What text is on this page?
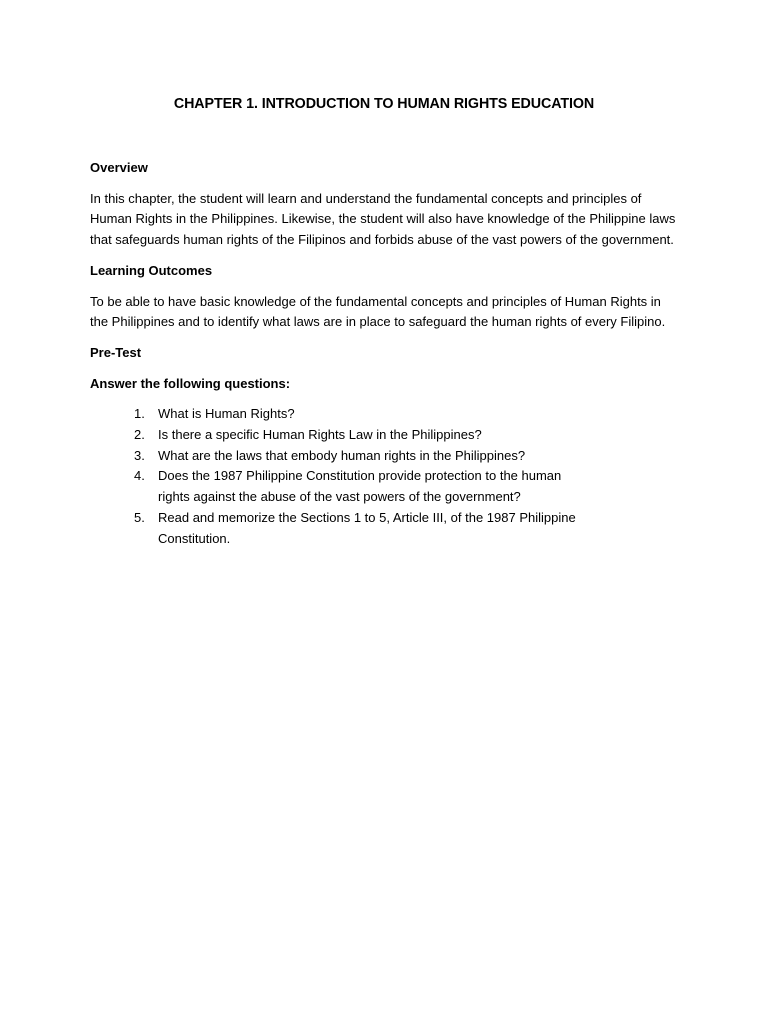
CHAPTER 1. INTRODUCTION TO HUMAN RIGHTS EDUCATION
Overview
In this chapter, the student will learn and understand the fundamental concepts and principles of Human Rights in the Philippines. Likewise, the student will also have knowledge of the Philippine laws that safeguards human rights of the Filipinos and forbids abuse of the vast powers of the government.
Learning Outcomes
To be able to have basic knowledge of the fundamental concepts and principles of Human Rights in the Philippines and to identify what laws are in place to safeguard the human rights of every Filipino.
Pre-Test
Answer the following questions:
1.	What is Human Rights?
2.	Is there a specific Human Rights Law in the Philippines?
3.	What are the laws that embody human rights in the Philippines?
4.	Does the 1987 Philippine Constitution provide protection to the human rights against the abuse of the vast powers of the government?
5.	Read and memorize the Sections 1 to 5, Article III, of the 1987 Philippine Constitution.
